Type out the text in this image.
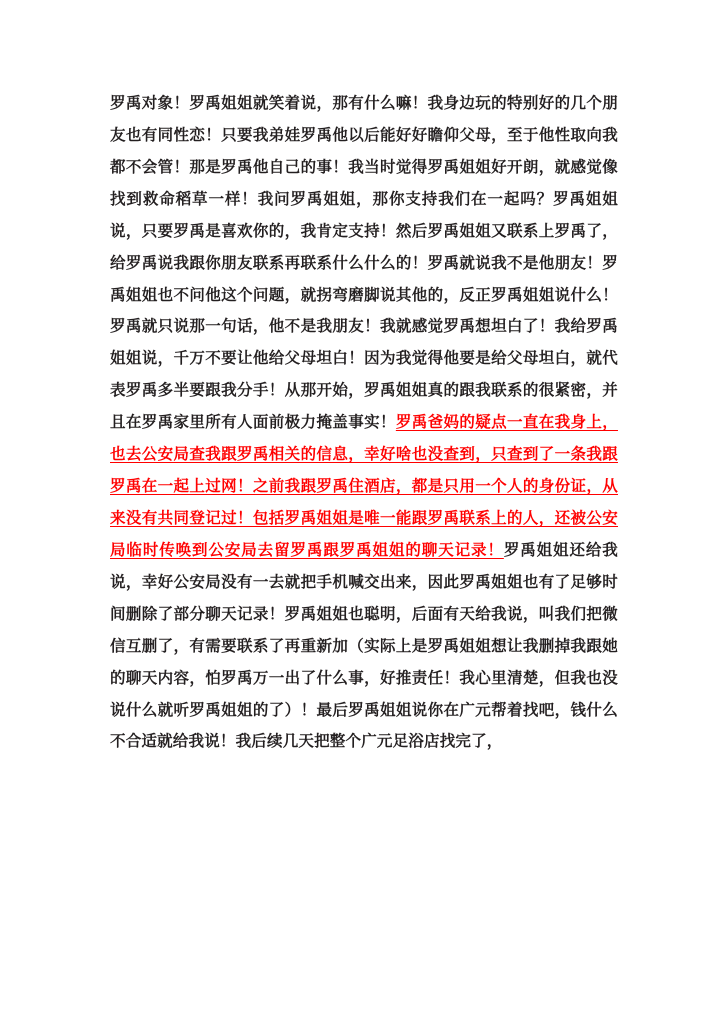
罗禹对象！罗禹姐姐就笑着说，那有什么嘛！我身边玩的特别好的几个朋友也有同性恋！只要我弟娃罗禹他以后能好好瞻仰父母，至于他性取向我都不会管！那是罗禹他自己的事！我当时觉得罗禹姐姐好开朗，就感觉像找到救命稻草一样！我问罗禹姐姐，那你支持我们在一起吗？罗禹姐姐说，只要罗禹是喜欢你的，我肯定支持！然后罗禹姐姐又联系上罗禹了，给罗禹说我跟你朋友联系再联系什么什么的！罗禹就说我不是他朋友！罗禹姐姐也不问他这个问题，就拐弯磨脚说其他的，反正罗禹姐姐说什么！罗禹就只说那一句话，他不是我朋友！我就感觉罗禹想坦白了！我给罗禹姐姐说，千万不要让他给父母坦白！因为我觉得他要是给父母坦白，就代表罗禹多半要跟我分手！从那开始，罗禹姐姐真的跟我联系的很紧密，并且在罗禹家里所有人面前极力掩盖事实！罗禹爸妈的疑点一直在我身上，也去公安局查我跟罗禹相关的信息，幸好啥也没查到，只查到了一条我跟罗禹在一起上过网！之前我跟罗禹住酒店，都是只用一个人的身份证，从来没有共同登记过！包括罗禹姐姐是唯一能跟罗禹联系上的人，还被公安局临时传唤到公安局去留罗禹跟罗禹姐姐的聊天记录！罗禹姐姐还给我说，幸好公安局没有一去就把手机喊交出来，因此罗禹姐姐也有了足够时间删除了部分聊天记录！罗禹姐姐也聪明，后面有天给我说，叫我们把微信互删了，有需要联系了再重新加（实际上是罗禹姐姐想让我删掉我跟她的聊天内容，怕罗禹万一出了什么事，好推责任！我心里清楚，但我也没说什么就听罗禹姐姐的了）！最后罗禹姐姐说你在广元帮着找吧，钱什么不合适就给我说！我后续几天把整个广元足浴店找完了，
